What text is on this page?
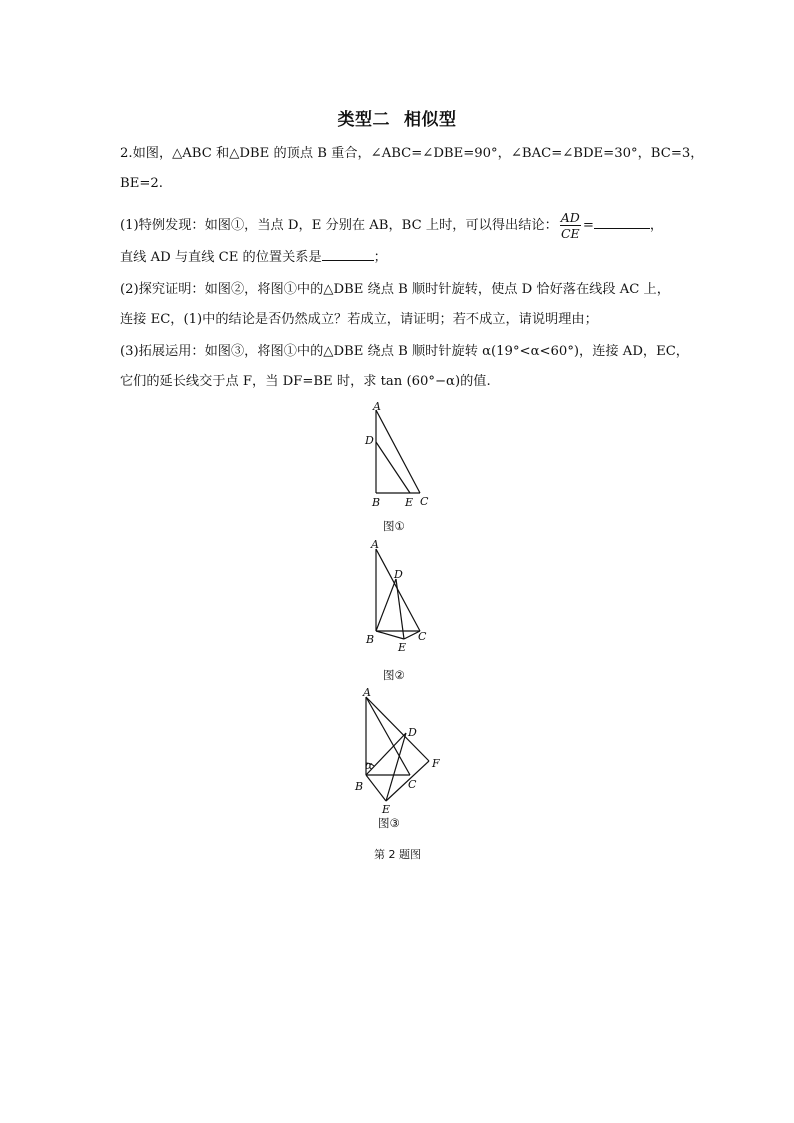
类型二 相似型
2.如图，△ABC 和△DBE 的顶点 B 重合，∠ABC=∠DBE=90°，∠BAC=∠BDE=30°，BC=3，
BE=2.
(1)特例发现：如图①，当点 D，E 分别在 AB，BC 上时，可以得出结论： $\frac{AD}{CE}$ =	，
直线 AD 与直线 CE 的位置关系是	；
(2)探究证明：如图②，将图①中的△DBE 绕点 B 顺时针旋转，使点 D 恰好落在线段 AC 上，
连接 EC，(1)中的结论是否仍然成立？若成立，请证明；若不成立，请说明理由；
(3)拓展运用：如图③，将图①中的△DBE 绕点 B 顺时针旋转 α(19°<α<60°)，连接 AD，EC，
它们的延长线交于点 F，当 DF=BE 时，求 tan (60°−α)的值.
A
D
B E C
图①
A
D
B
E
C
图②
A
D
F
α
B	C
E
图③
第 2 题图
